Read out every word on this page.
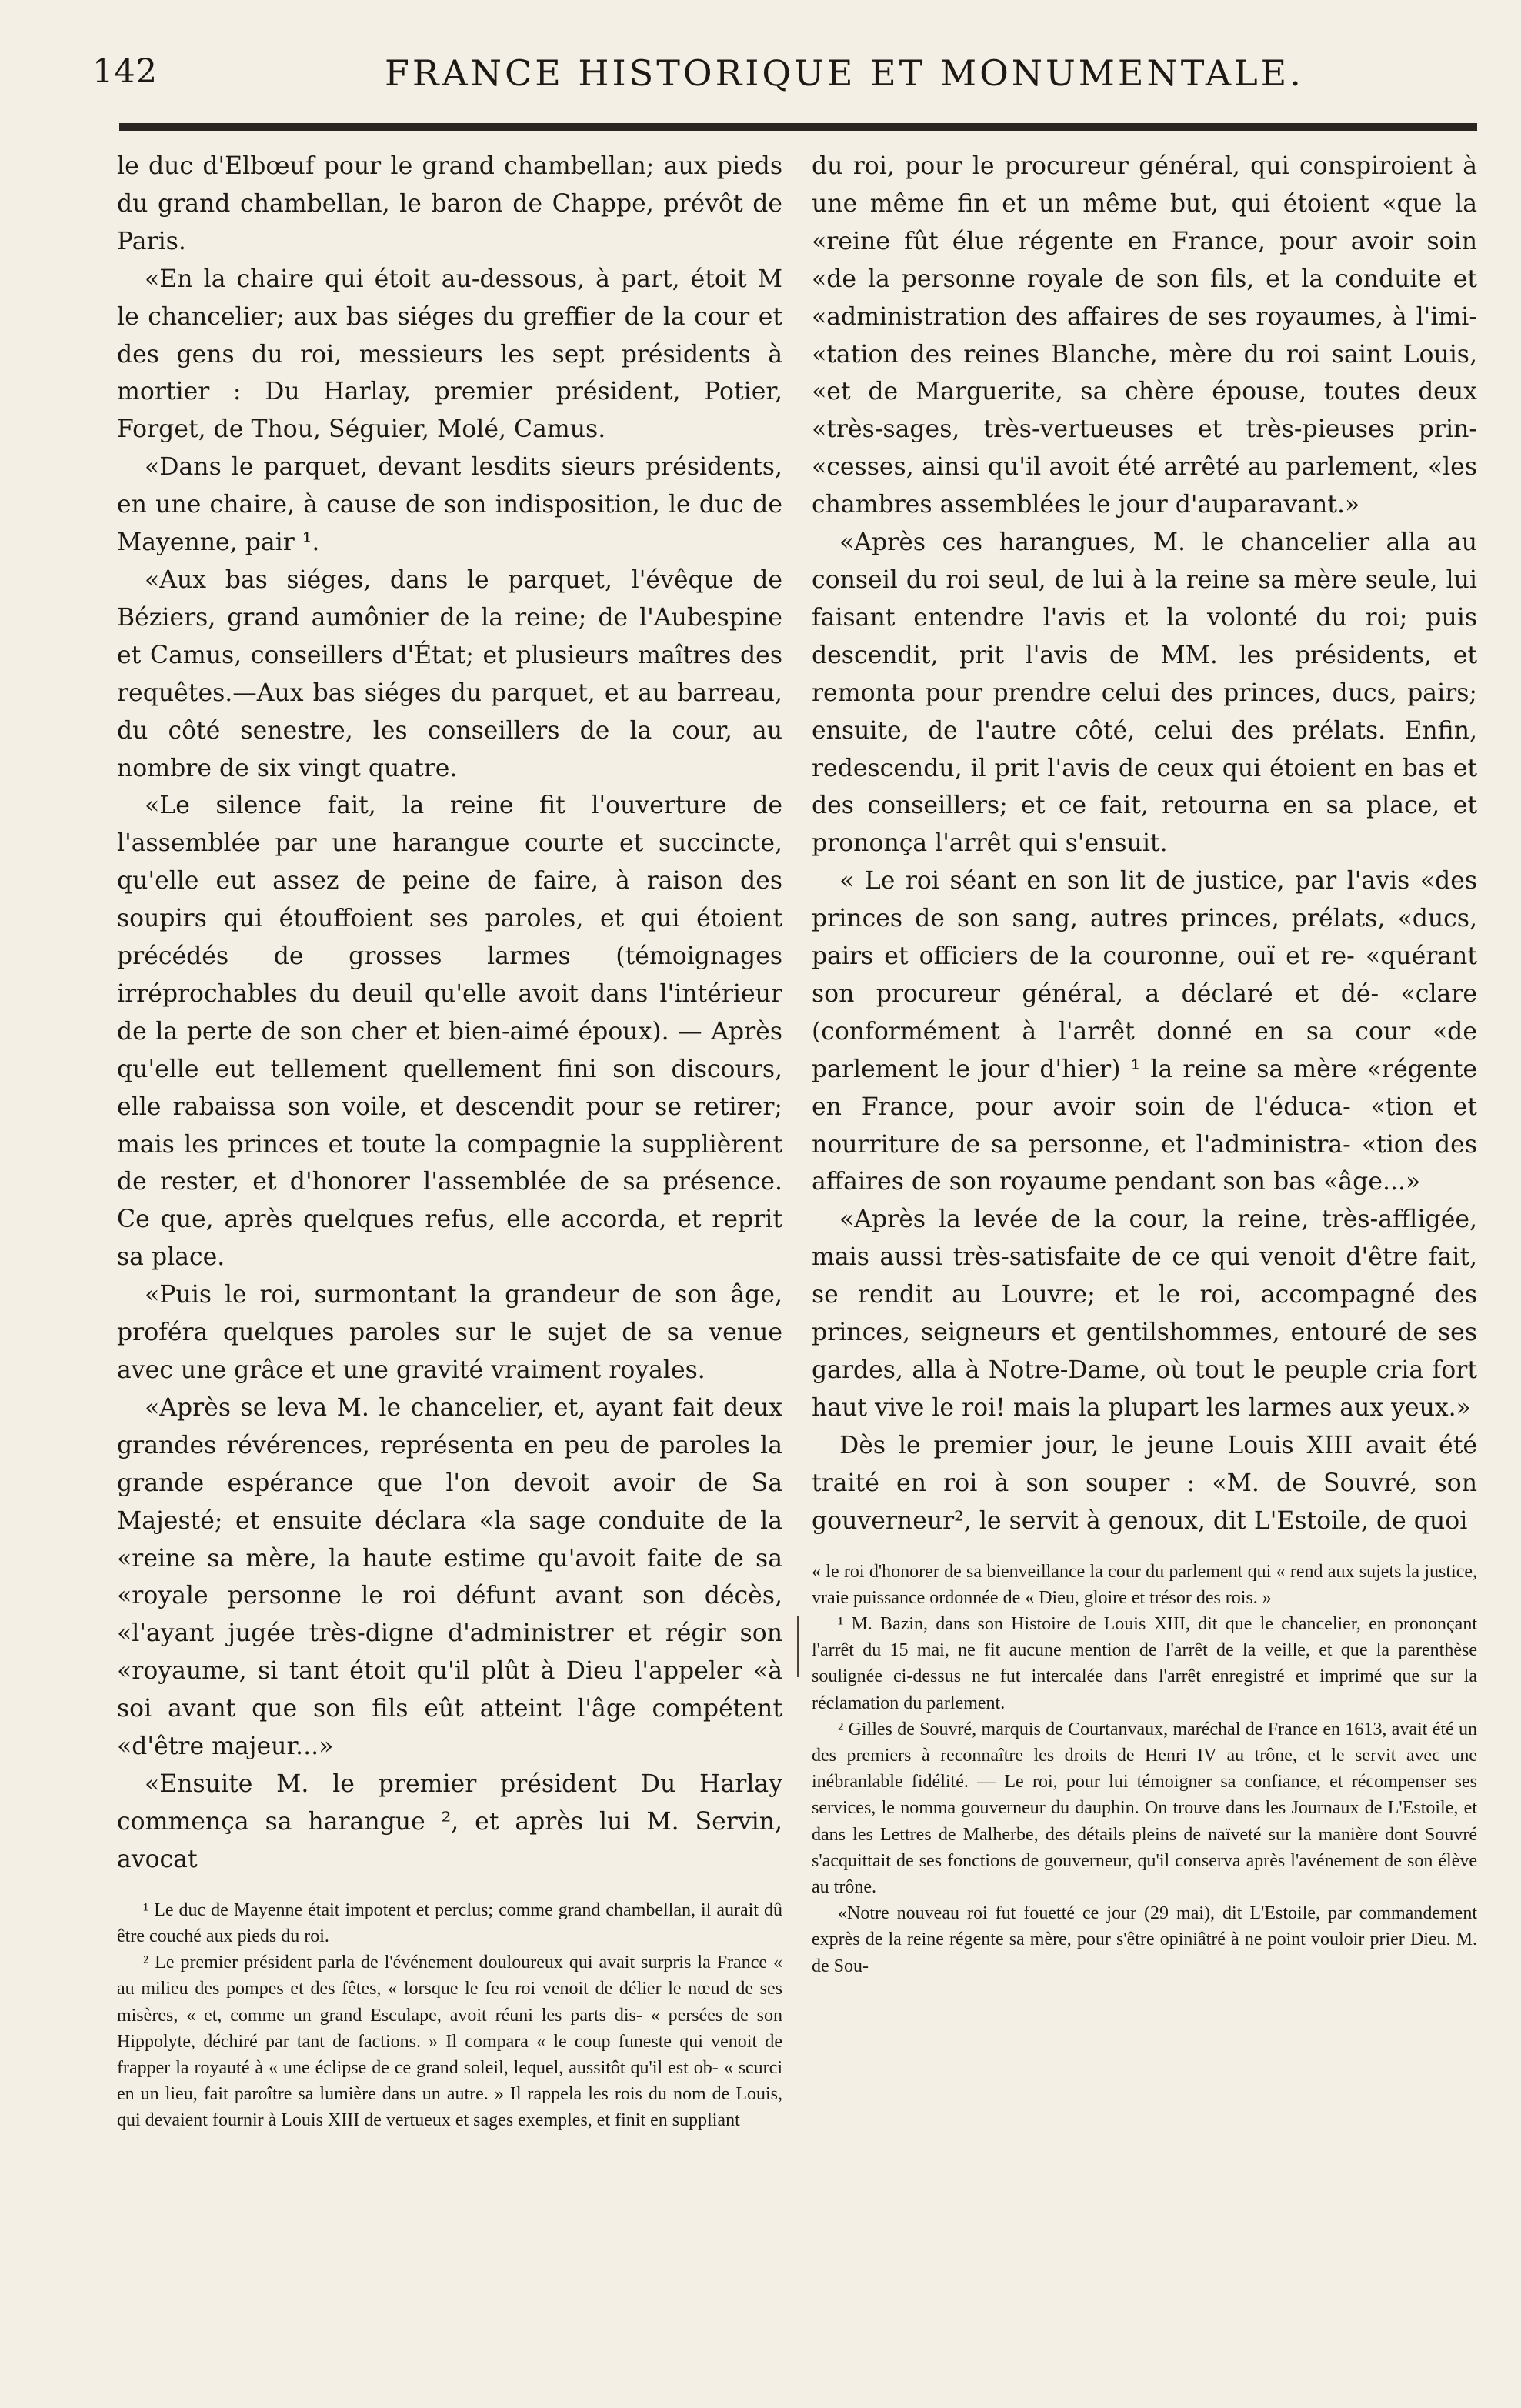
142	FRANCE HISTORIQUE ET MONUMENTALE.

le duc d'Elbœuf pour le grand chambellan; aux pieds du grand chambellan, le baron de Chappe, prévôt de Paris.

«En la chaire qui étoit au-dessous, à part, étoit M le chancelier; aux bas siéges du greffier de la cour et des gens du roi, messieurs les sept présidents à mortier : Du Harlay, premier président, Potier, Forget, de Thou, Séguier, Molé, Camus.

«Dans le parquet, devant lesdits sieurs présidents, en une chaire, à cause de son indisposition, le duc de Mayenne, pair ¹.

«Aux bas siéges, dans le parquet, l'évêque de Béziers, grand aumônier de la reine; de l'Aubespine et Camus, conseillers d'État; et plusieurs maîtres des requêtes.—Aux bas siéges du parquet, et au barreau, du côté senestre, les conseillers de la cour, au nombre de six vingt quatre.

«Le silence fait, la reine fit l'ouverture de l'assemblée par une harangue courte et succincte, qu'elle eut assez de peine de faire, à raison des soupirs qui étouffoient ses paroles, et qui étoient précédés de grosses larmes (témoignages irréprochables du deuil qu'elle avoit dans l'intérieur de la perte de son cher et bien-aimé époux). — Après qu'elle eut tellement quellement fini son discours, elle rabaissa son voile, et descendit pour se retirer; mais les princes et toute la compagnie la supplièrent de rester, et d'honorer l'assemblée de sa présence. Ce que, après quelques refus, elle accorda, et reprit sa place.

«Puis le roi, surmontant la grandeur de son âge, proféra quelques paroles sur le sujet de sa venue avec une grâce et une gravité vraiment royales.

«Après se leva M. le chancelier, et, ayant fait deux grandes révérences, représenta en peu de paroles la grande espérance que l'on devoit avoir de Sa Majesté; et ensuite déclara «la sage conduite de la «reine sa mère, la haute estime qu'avoit faite de sa «royale personne le roi défunt avant son décès, «l'ayant jugée très-digne d'administrer et régir son «royaume, si tant étoit qu'il plût à Dieu l'appeler «à soi avant que son fils eût atteint l'âge compétent «d'être majeur...»

«Ensuite M. le premier président Du Harlay commença sa harangue ², et après lui M. Servin, avocat

¹ Le duc de Mayenne était impotent et perclus; comme grand chambellan, il aurait dû être couché aux pieds du roi.

² Le premier président parla de l'événement douloureux qui avait surpris la France « au milieu des pompes et des fêtes, « lorsque le feu roi venoit de délier le nœud de ses misères, « et, comme un grand Esculape, avoit réuni les parts dis- « persées de son Hippolyte, déchiré par tant de factions. » Il compara « le coup funeste qui venoit de frapper la royauté à « une éclipse de ce grand soleil, lequel, aussitôt qu'il est ob- « scurci en un lieu, fait paroître sa lumière dans un autre. » Il rappela les rois du nom de Louis, qui devaient fournir à Louis XIII de vertueux et sages exemples, et finit en suppliant

du roi, pour le procureur général, qui conspiroient à une même fin et un même but, qui étoient «que la «reine fût élue régente en France, pour avoir soin «de la personne royale de son fils, et la conduite et «administration des affaires de ses royaumes, à l'imi- «tation des reines Blanche, mère du roi saint Louis, «et de Marguerite, sa chère épouse, toutes deux «très-sages, très-vertueuses et très-pieuses prin- «cesses, ainsi qu'il avoit été arrêté au parlement, «les chambres assemblées le jour d'auparavant.»

«Après ces harangues, M. le chancelier alla au conseil du roi seul, de lui à la reine sa mère seule, lui faisant entendre l'avis et la volonté du roi; puis descendit, prit l'avis de MM. les présidents, et remonta pour prendre celui des princes, ducs, pairs; ensuite, de l'autre côté, celui des prélats. Enfin, redescendu, il prit l'avis de ceux qui étoient en bas et des conseillers; et ce fait, retourna en sa place, et prononça l'arrêt qui s'ensuit.

« Le roi séant en son lit de justice, par l'avis «des princes de son sang, autres princes, prélats, «ducs, pairs et officiers de la couronne, ouï et re- «quérant son procureur général, a déclaré et dé- «clare (conformément à l'arrêt donné en sa cour «de parlement le jour d'hier) ¹ la reine sa mère «régente en France, pour avoir soin de l'éduca- «tion et nourriture de sa personne, et l'administra- «tion des affaires de son royaume pendant son bas «âge...»

«Après la levée de la cour, la reine, très-affligée, mais aussi très-satisfaite de ce qui venoit d'être fait, se rendit au Louvre; et le roi, accompagné des princes, seigneurs et gentilshommes, entouré de ses gardes, alla à Notre-Dame, où tout le peuple cria fort haut vive le roi! mais la plupart les larmes aux yeux.»

Dès le premier jour, le jeune Louis XIII avait été traité en roi à son souper : «M. de Souvré, son gouverneur², le servit à genoux, dit L'Estoile, de quoi

« le roi d'honorer de sa bienveillance la cour du parlement qui « rend aux sujets la justice, vraie puissance ordonnée de « Dieu, gloire et trésor des rois. »

¹ M. Bazin, dans son Histoire de Louis XIII, dit que le chancelier, en prononçant l'arrêt du 15 mai, ne fit aucune mention de l'arrêt de la veille, et que la parenthèse soulignée ci-dessus ne fut intercalée dans l'arrêt enregistré et imprimé que sur la réclamation du parlement.

² Gilles de Souvré, marquis de Courtanvaux, maréchal de France en 1613, avait été un des premiers à reconnaître les droits de Henri IV au trône, et le servit avec une inébranlable fidélité. — Le roi, pour lui témoigner sa confiance, et récompenser ses services, le nomma gouverneur du dauphin. On trouve dans les Journaux de L'Estoile, et dans les Lettres de Malherbe, des détails pleins de naïveté sur la manière dont Souvré s'acquittait de ses fonctions de gouverneur, qu'il conserva après l'avénement de son élève au trône.

«Notre nouveau roi fut fouetté ce jour (29 mai), dit L'Estoile, par commandement exprès de la reine régente sa mère, pour s'être opiniâtré à ne point vouloir prier Dieu. M. de Sou-
